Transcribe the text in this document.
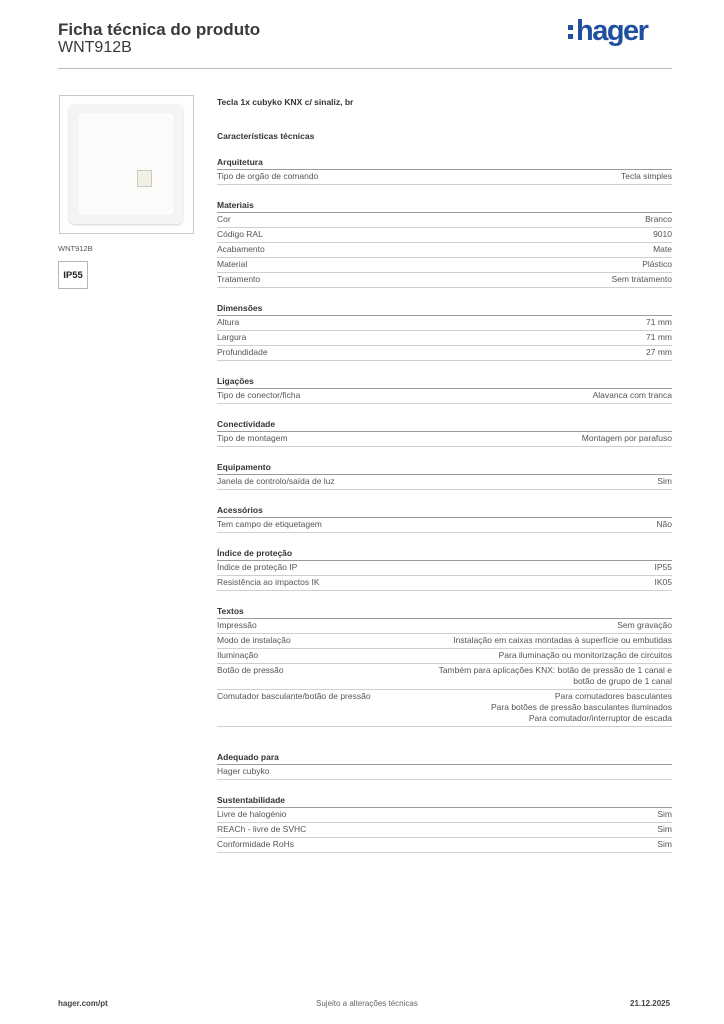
Ficha técnica do produto
WNT912B
hager
WNT912B
IP55
Tecla 1x cubyko KNX c/ sinaliz, br
Características técnicas
Arquitetura
Tipo de orgão de comando	Tecla simples
Materiais
Cor	Branco
Código RAL	9010
Acabamento	Mate
Material	Plástico
Tratamento	Sem tratamento
Dimensões
Altura	71 mm
Largura	71 mm
Profundidade	27 mm
Ligações
Tipo de conector/ficha	Alavanca com tranca
Conectividade
Tipo de montagem	Montagem por parafuso
Equipamento
Janela de controlo/saída de luz	Sim
Acessórios
Tem campo de etiquetagem	Não
Índice de proteção
Índice de proteção IP	IP55
Resistência ao impactos IK	IK05
Textos
Impressão	Sem gravação
Modo de instalação	Instalação em caixas montadas à superfície ou embutidas
Iluminação	Para iluminação ou monitorização de circuitos
Botão de pressão	Também para aplicações KNX: botão de pressão de 1 canal e
botão de grupo de 1 canal
Comutador basculante/botão de pressão	Para comutadores basculantes
Para botões de pressão basculantes iluminados
Para comutador/interruptor de escada
Adequado para
Hager cubyko
Sustentabilidade
Livre de halogénio	Sim
REACh - livre de SVHC	Sim
Conformidade RoHs	Sim
hager.com/pt	Sujeito a alterações técnicas	21.12.2025
